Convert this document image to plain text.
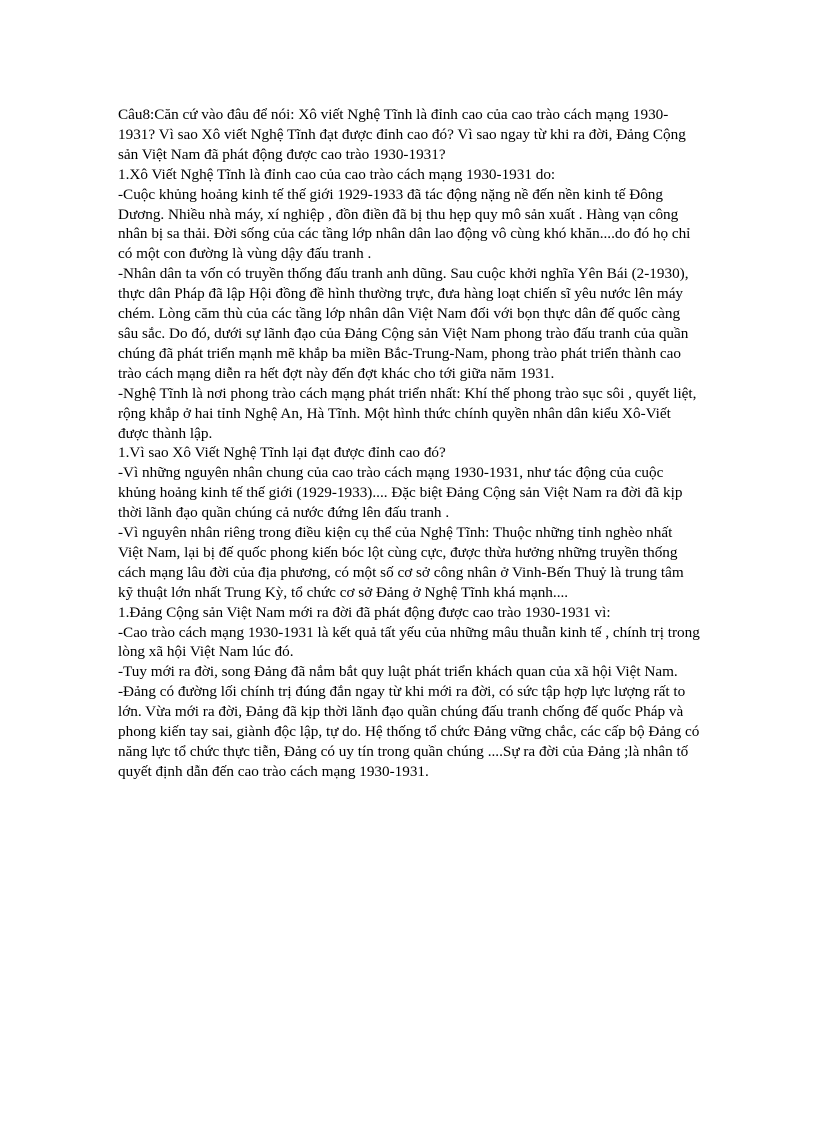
Câu8:Căn cứ vào đâu để nói: Xô viết Nghệ Tĩnh là đỉnh cao của cao trào cách mạng 1930-1931? Vì sao Xô viết Nghệ Tĩnh đạt được đỉnh cao đó? Vì sao ngay từ khi ra đời, Đảng Cộng sản Việt Nam đã phát động được cao trào 1930-1931?

1.Xô Viết Nghệ Tĩnh là đỉnh cao của cao trào cách mạng 1930-1931 do:

-Cuộc khủng hoảng kinh tế thế giới 1929-1933 đã tác động nặng nề đến nền kinh tế Đông Dương. Nhiều nhà máy, xí nghiệp , đồn điền đã bị thu hẹp quy mô sản xuất . Hàng vạn công nhân bị sa thải. Đời sống của các tầng lớp nhân dân lao động vô cùng khó khăn....do đó họ chỉ có một con đường là vùng dậy đấu tranh .

-Nhân dân ta vốn có truyền thống đấu tranh anh dũng. Sau cuộc khởi nghĩa Yên Bái (2-1930), thực dân Pháp đã lập Hội đồng đề hình thường trực, đưa hàng loạt chiến sĩ yêu nước lên máy chém. Lòng căm thù của các tầng lớp nhân dân Việt Nam đối với bọn thực dân đế quốc càng sâu sắc. Do đó, dưới sự lãnh đạo của Đảng Cộng sản Việt Nam phong trào đấu tranh của quần chúng đã phát triển mạnh mẽ khắp ba miền Bắc-Trung-Nam, phong trào phát triển thành cao trào cách mạng diễn ra hết đợt này đến đợt khác cho tới giữa năm 1931.

-Nghệ Tĩnh là nơi phong trào cách mạng phát triển nhất: Khí thế phong trào sục sôi , quyết liệt, rộng khắp ở hai tỉnh Nghệ An, Hà Tĩnh. Một hình thức chính quyền nhân dân kiểu Xô-Viết được thành lập.

1.Vì sao Xô Viết Nghệ Tĩnh lại đạt được đỉnh cao đó?

-Vì những nguyên nhân chung của cao trào cách mạng 1930-1931, như tác động của cuộc khủng hoảng kinh tế thế giới (1929-1933).... Đặc biệt Đảng Cộng sản Việt Nam ra đời đã kịp thời lãnh đạo quần chúng cả nước đứng lên đấu tranh .

-Vì nguyên nhân riêng trong điều kiện cụ thể của Nghệ Tĩnh: Thuộc những tỉnh nghèo nhất Việt Nam, lại bị đế quốc phong kiến bóc lột cùng cực, được thừa hưởng những truyền thống cách mạng lâu đời của địa phương, có một số cơ sở công nhân ở Vinh-Bến Thuỷ là trung tâm kỹ thuật lớn nhất Trung Kỳ, tổ chức cơ sở Đảng ở Nghệ Tĩnh khá mạnh....

1.Đảng Cộng sản Việt Nam mới ra đời đã phát động được cao trào 1930-1931 vì:

-Cao trào cách mạng 1930-1931 là kết quả tất yếu của những mâu thuẫn kinh tế , chính trị trong lòng xã hội Việt Nam lúc đó.

-Tuy mới ra đời, song Đảng đã nắm bắt quy luật phát triển khách quan của xã hội Việt Nam.

-Đảng có đường lối chính trị đúng đắn ngay từ khi mới ra đời, có sức tập hợp lực lượng rất to lớn. Vừa mới ra đời, Đảng đã kịp thời lãnh đạo quần chúng đấu tranh chống đế quốc Pháp và phong kiến tay sai, giành độc lập, tự do. Hệ thống tổ chức Đảng vững chắc, các cấp bộ Đảng có năng lực tổ chức thực tiễn, Đảng có uy tín trong quần chúng ....Sự ra đời của Đảng ;là nhân tố quyết định dẫn đến cao trào cách mạng 1930-1931.
